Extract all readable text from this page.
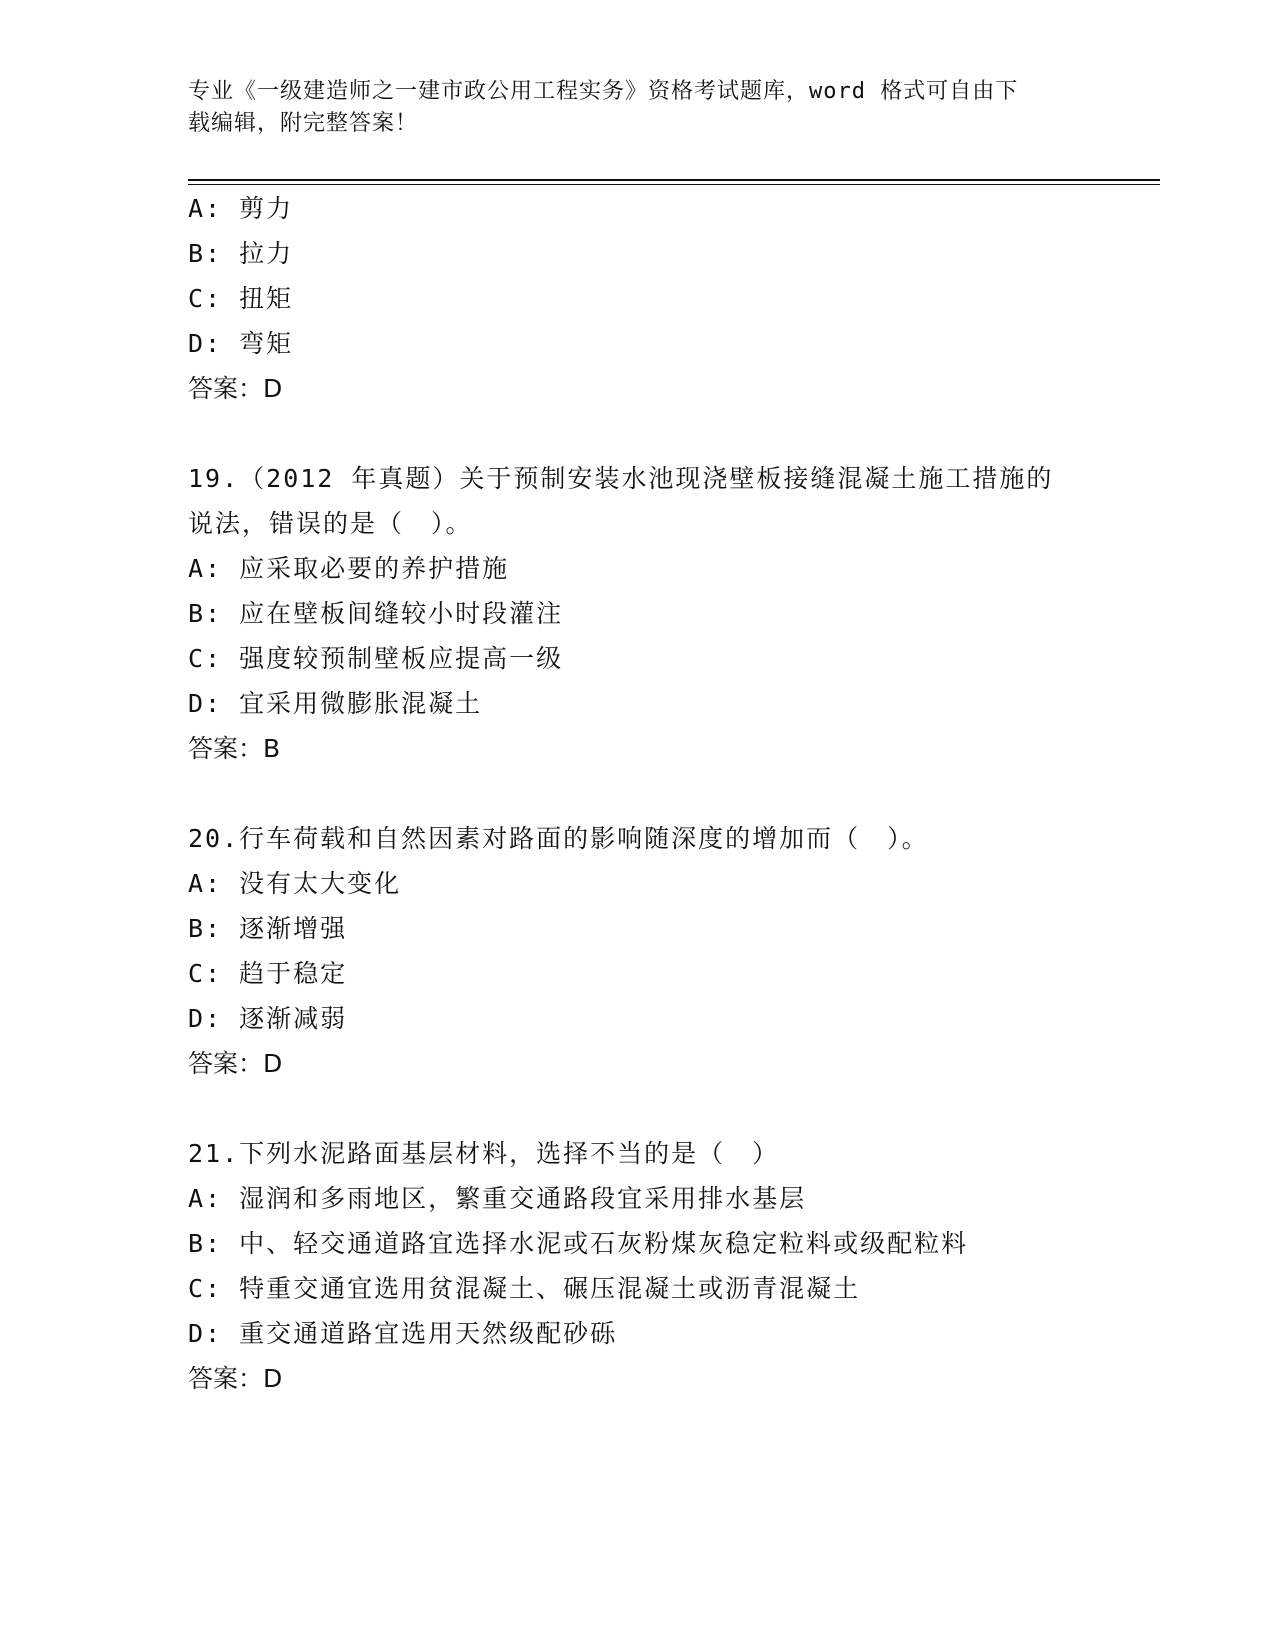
专业《一级建造师之一建市政公用工程实务》资格考试题库，word 格式可自由下
载编辑，附完整答案！
A: 剪力
B: 拉力
C: 扭矩
D: 弯矩
答案：D
19.（2012 年真题）关于预制安装水池现浇壁板接缝混凝土施工措施的
说法，错误的是（　）。
A: 应采取必要的养护措施
B: 应在壁板间缝较小时段灌注
C: 强度较预制壁板应提高一级
D: 宜采用微膨胀混凝土
答案：B
20.行车荷载和自然因素对路面的影响随深度的增加而（　）。
A: 没有太大变化
B: 逐渐增强
C: 趋于稳定
D: 逐渐减弱
答案：D
21.下列水泥路面基层材料，选择不当的是（　）
A: 湿润和多雨地区，繁重交通路段宜采用排水基层
B: 中、轻交通道路宜选择水泥或石灰粉煤灰稳定粒料或级配粒料
C: 特重交通宜选用贫混凝土、碾压混凝土或沥青混凝土
D: 重交通道路宜选用天然级配砂砾
答案：D
